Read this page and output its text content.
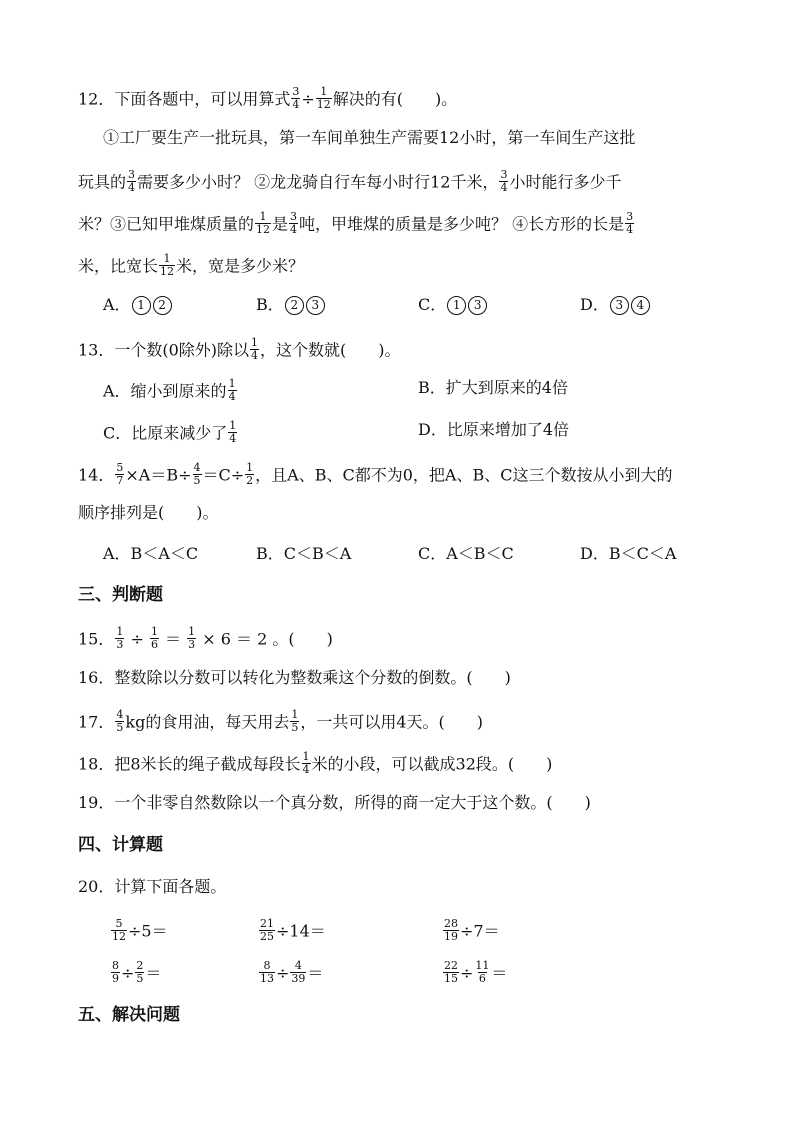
12．下面各题中，可以用算式 $\frac{3}{4} \div \frac{1}{12}$ 解决的有(　　)。
①工厂要生产一批玩具，第一车间单独生产需要12小时，第一车间生产这批
玩具的 $\frac{3}{4}$ 需要多少小时？ ②龙龙骑自行车每小时行12千米， $\frac{3}{4}$ 小时能行多少千
米？③已知甲堆煤质量的 $\frac{1}{12}$ 是 $\frac{3}{4}$ 吨，甲堆煤的质量是多少吨？ ④长方形的长是 $\frac{3}{4}$
米，比宽长 $\frac{1}{12}$ 米，宽是多少米？
A． 1 2	B． 2 3	C． 1 3	D． 3 4
13．一个数(0除外)除以 $\frac{1}{4}$ ，这个数就(　　)。
A．缩小到原来的 $\frac{1}{4}$	B．扩大到原来的4倍
C．比原来减少了 $\frac{1}{4}$	D．比原来增加了4倍
14． $\frac{5}{7} \times A=B\div \frac{4}{5} =C\div \frac{1}{2}$ ，且A、B、C都不为0，把A、B、C这三个数按从小到大的
顺序排列是(　　)。
A．B＜A＜C	B．C＜B＜A	C．A＜B＜C	D．B＜C＜A
三、判断题
15． $\frac{1}{3} \div \frac{1}{6} = \frac{1}{3} \times 6 = 2$ 。(　　)
16．整数除以分数可以转化为整数乘这个分数的倒数。(　　)
17． $\frac{4}{5}$ kg的食用油，每天用去 $\frac{1}{5}$ ，一共可以用4天。(　　)
18．把8米长的绳子截成每段长 $\frac{1}{4}$ 米的小段，可以截成32段。(　　)
19．一个非零自然数除以一个真分数，所得的商一定大于这个数。(　　)
四、计算题
20．计算下面各题。
$\frac{5}{12} \div 5=$	$\frac{21}{25} \div 14=$	$\frac{28}{19} \div 7=$
$\frac{8}{9} \div \frac{2}{5}$ ＝	$\frac{8}{13} \div \frac{4}{39}$ ＝	$\frac{22}{15} \div \frac{11}{6}$ ＝
五、解决问题
